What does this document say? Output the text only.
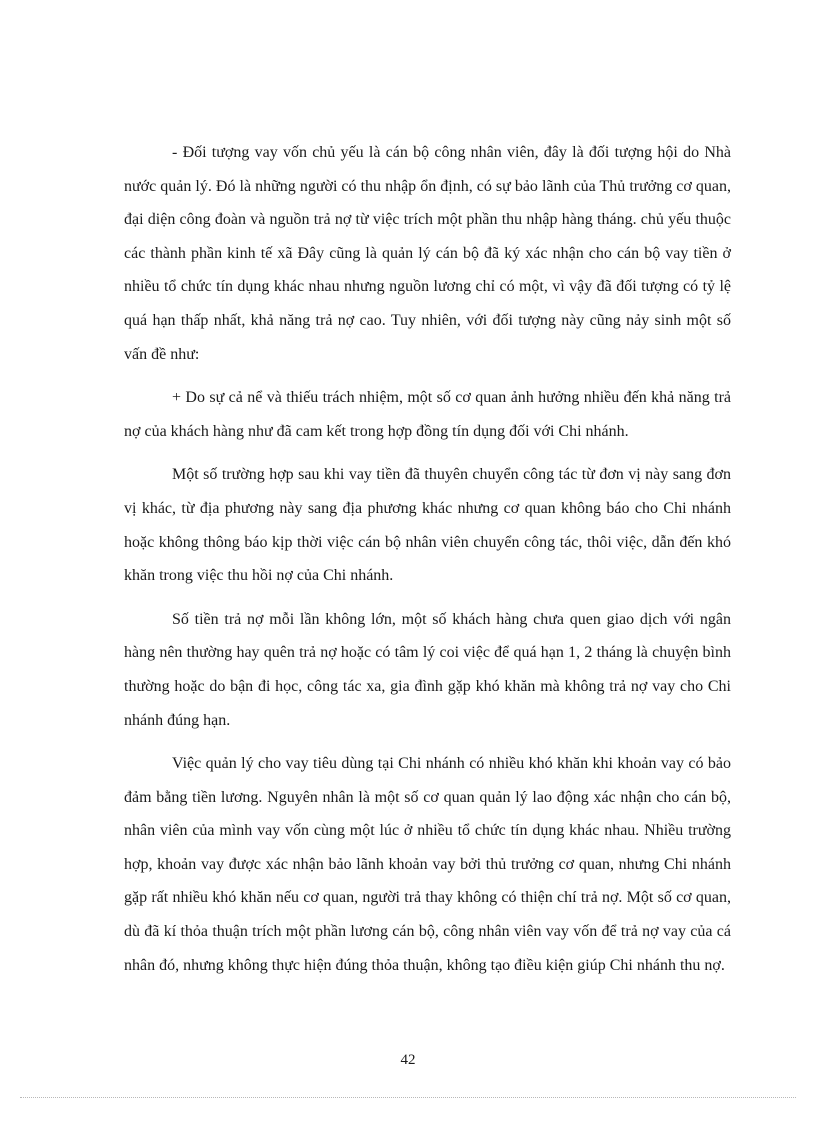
- Đối tượng vay vốn chủ yếu là cán bộ công nhân viên, đây là đối tượng hội do Nhà nước quản lý. Đó là những người có thu nhập ổn định, có sự bảo lãnh của Thủ trưởng cơ quan, đại diện công đoàn và nguồn trả nợ từ việc trích một phần thu nhập hàng tháng. chủ yếu thuộc các thành phần kinh tế xã Đây cũng là quản lý cán bộ đã ký xác nhận cho cán bộ vay tiền ở nhiều tổ chức tín dụng khác nhau nhưng nguồn lương chỉ có một, vì vậy đã đối tượng có tỷ lệ quá hạn thấp nhất, khả năng trả nợ cao. Tuy nhiên, với đối tượng này cũng nảy sinh một số vấn đề như:

+ Do sự cả nể và thiếu trách nhiệm, một số cơ quan ảnh hưởng nhiều đến khả năng trả nợ của khách hàng như đã cam kết trong hợp đồng tín dụng đối với Chi nhánh.

Một số trường hợp sau khi vay tiền đã thuyên chuyển công tác từ đơn vị này sang đơn vị khác, từ địa phương này sang địa phương khác nhưng cơ quan không báo cho Chi nhánh hoặc không thông báo kịp thời việc cán bộ nhân viên chuyển công tác, thôi việc, dẫn đến khó khăn trong việc thu hồi nợ của Chi nhánh.

Số tiền trả nợ mỗi lần không lớn, một số khách hàng chưa quen giao dịch với ngân hàng nên thường hay quên trả nợ hoặc có tâm lý coi việc để quá hạn 1, 2 tháng là chuyện bình thường hoặc do bận đi học, công tác xa, gia đình gặp khó khăn mà không trả nợ vay cho Chi nhánh đúng hạn.

Việc quản lý cho vay tiêu dùng tại Chi nhánh có nhiều khó khăn khi khoản vay có bảo đảm bằng tiền lương. Nguyên nhân là một số cơ quan quản lý lao động xác nhận cho cán bộ, nhân viên của mình vay vốn cùng một lúc ở nhiều tổ chức tín dụng khác nhau. Nhiều trường hợp, khoản vay được xác nhận bảo lãnh khoản vay bởi thủ trưởng cơ quan, nhưng Chi nhánh gặp rất nhiều khó khăn nếu cơ quan, người trả thay không có thiện chí trả nợ. Một số cơ quan, dù đã kí thỏa thuận trích một phần lương cán bộ, công nhân viên vay vốn để trả nợ vay của cá nhân đó, nhưng không thực hiện đúng thỏa thuận, không tạo điều kiện giúp Chi nhánh thu nợ.

42
